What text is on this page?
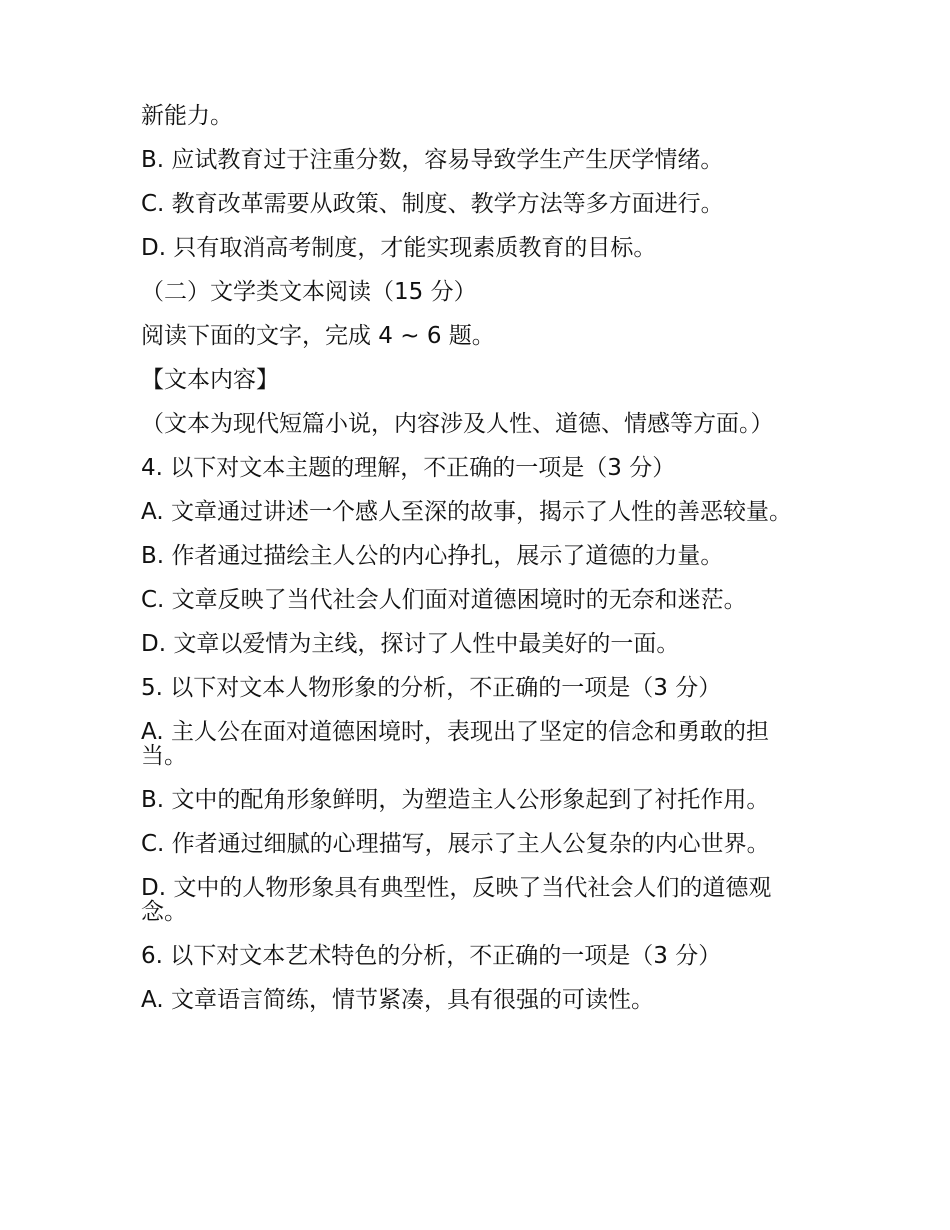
新能力。

B. 应试教育过于注重分数，容易导致学生产生厌学情绪。

C. 教育改革需要从政策、制度、教学方法等多方面进行。

D. 只有取消高考制度，才能实现素质教育的目标。

（二）文学类文本阅读（15 分）

阅读下面的文字，完成 4 ~ 6 题。

【文本内容】

（文本为现代短篇小说，内容涉及人性、道德、情感等方面。）

4. 以下对文本主题的理解，不正确的一项是（3 分）

A. 文章通过讲述一个感人至深的故事，揭示了人性的善恶较量。

B. 作者通过描绘主人公的内心挣扎，展示了道德的力量。

C. 文章反映了当代社会人们面对道德困境时的无奈和迷茫。

D. 文章以爱情为主线，探讨了人性中最美好的一面。

5. 以下对文本人物形象的分析，不正确的一项是（3 分）

A. 主人公在面对道德困境时，表现出了坚定的信念和勇敢的担当。

B. 文中的配角形象鲜明，为塑造主人公形象起到了衬托作用。

C. 作者通过细腻的心理描写，展示了主人公复杂的内心世界。

D. 文中的人物形象具有典型性，反映了当代社会人们的道德观念。

6. 以下对文本艺术特色的分析，不正确的一项是（3 分）

A. 文章语言简练，情节紧凑，具有很强的可读性。
